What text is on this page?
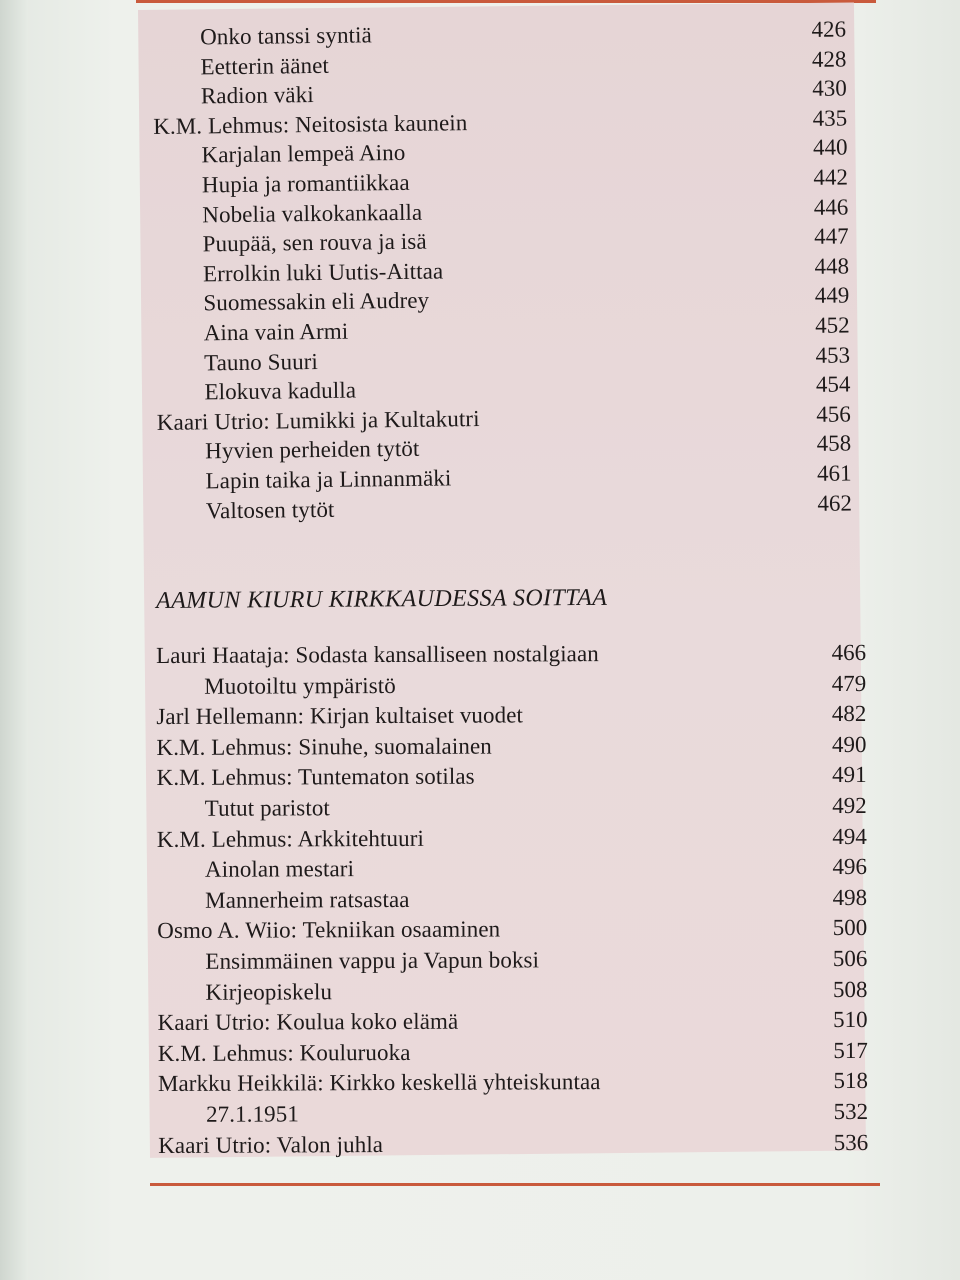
Onko tanssi syntiä	426
Eetterin äänet	428
Radion väki	430
K.M. Lehmus: Neitosista kaunein	435
Karjalan lempeä Aino	440
Hupia ja romantiikkaa	442
Nobelia valkokankaalla	446
Puupää, sen rouva ja isä	447
Errolkin luki Uutis-Aittaa	448
Suomessakin eli Audrey	449
Aina vain Armi	452
Tauno Suuri	453
Elokuva kadulla	454
Kaari Utrio: Lumikki ja Kultakutri	456
Hyvien perheiden tytöt	458
Lapin taika ja Linnanmäki	461
Valtosen tytöt	462
AAMUN KIURU KIRKKAUDESSA SOITTAA
Lauri Haataja: Sodasta kansalliseen nostalgiaan	466
Muotoiltu ympäristö	479
Jarl Hellemann: Kirjan kultaiset vuodet	482
K.M. Lehmus: Sinuhe, suomalainen	490
K.M. Lehmus: Tuntematon sotilas	491
Tutut paristot	492
K.M. Lehmus: Arkkitehtuuri	494
Ainolan mestari	496
Mannerheim ratsastaa	498
Osmo A. Wiio: Tekniikan osaaminen	500
Ensimmäinen vappu ja Vapun boksi	506
Kirjeopiskelu	508
Kaari Utrio: Koulua koko elämä	510
K.M. Lehmus: Kouluruoka	517
Markku Heikkilä: Kirkko keskellä yhteiskuntaa	518
27.1.1951	532
Kaari Utrio: Valon juhla	536
